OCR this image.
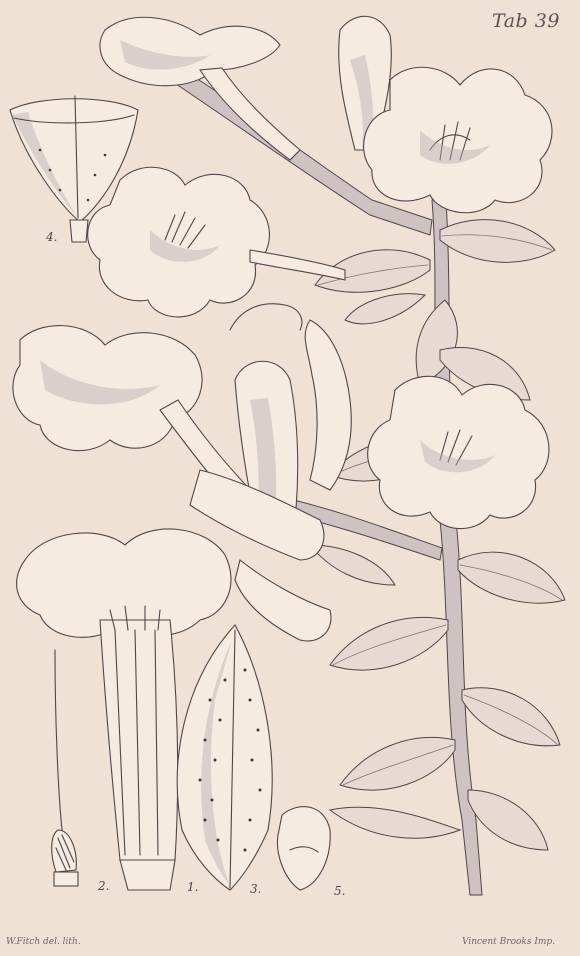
Tab 39
4.
2.	1.	3.	5.
W.Fitch del. lith.	Vincent Brooks Imp.
